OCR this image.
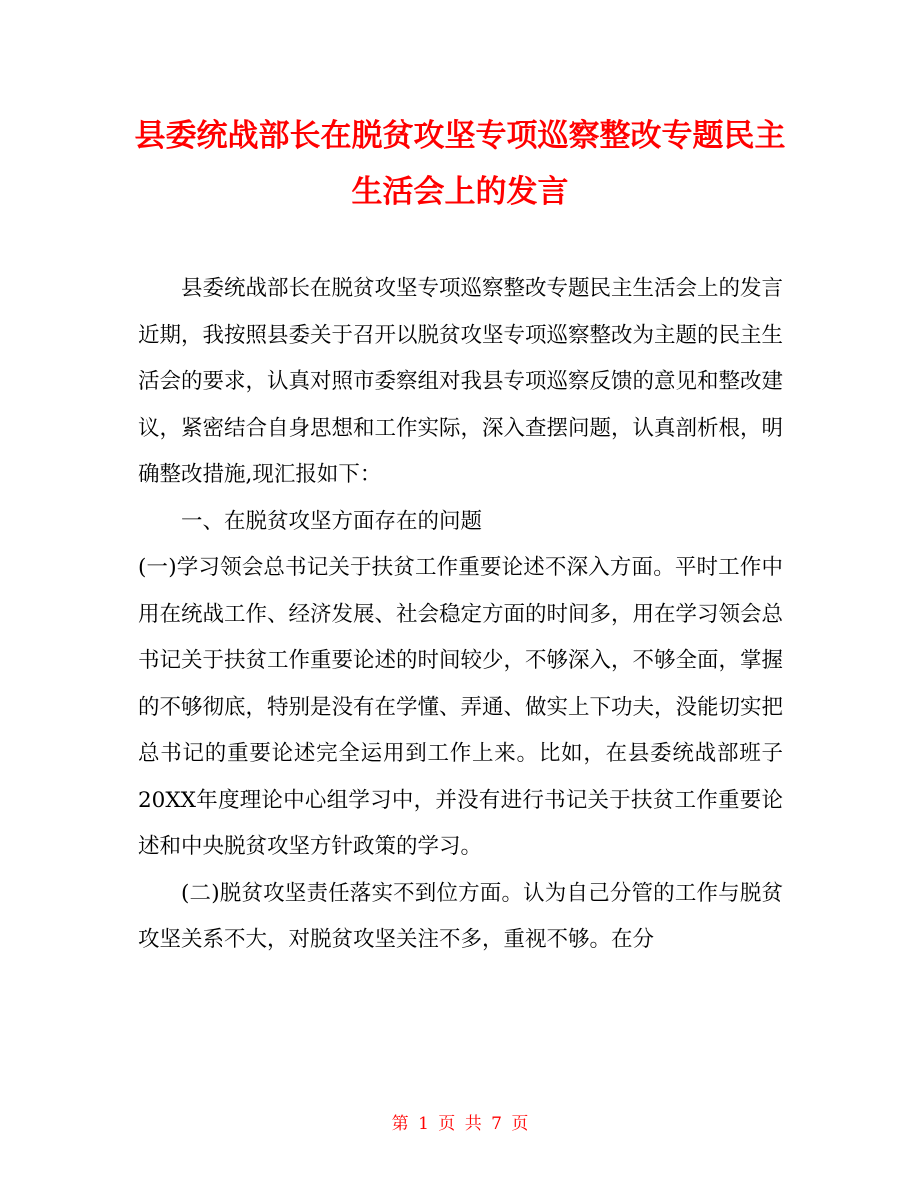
县委统战部长在脱贫攻坚专项巡察整改专题民主生活会上的发言

县委统战部长在脱贫攻坚专项巡察整改专题民主生活会上的发言

近期，我按照县委关于召开以脱贫攻坚专项巡察整改为主题的民主生活会的要求，认真对照市委察组对我县专项巡察反馈的意见和整改建议，紧密结合自身思想和工作实际，深入查摆问题，认真剖析根，明确整改措施,现汇报如下：

一、在脱贫攻坚方面存在的问题

(一)学习领会总书记关于扶贫工作重要论述不深入方面。平时工作中用在统战工作、经济发展、社会稳定方面的时间多，用在学习领会总书记关于扶贫工作重要论述的时间较少，不够深入，不够全面，掌握的不够彻底，特别是没有在学懂、弄通、做实上下功夫，没能切实把总书记的重要论述完全运用到工作上来。比如，在县委统战部班子20XX年度理论中心组学习中，并没有进行书记关于扶贫工作重要论述和中央脱贫攻坚方针政策的学习。

(二)脱贫攻坚责任落实不到位方面。认为自己分管的工作与脱贫攻坚关系不大，对脱贫攻坚关注不多，重视不够。在分

第 1 页 共 7 页
